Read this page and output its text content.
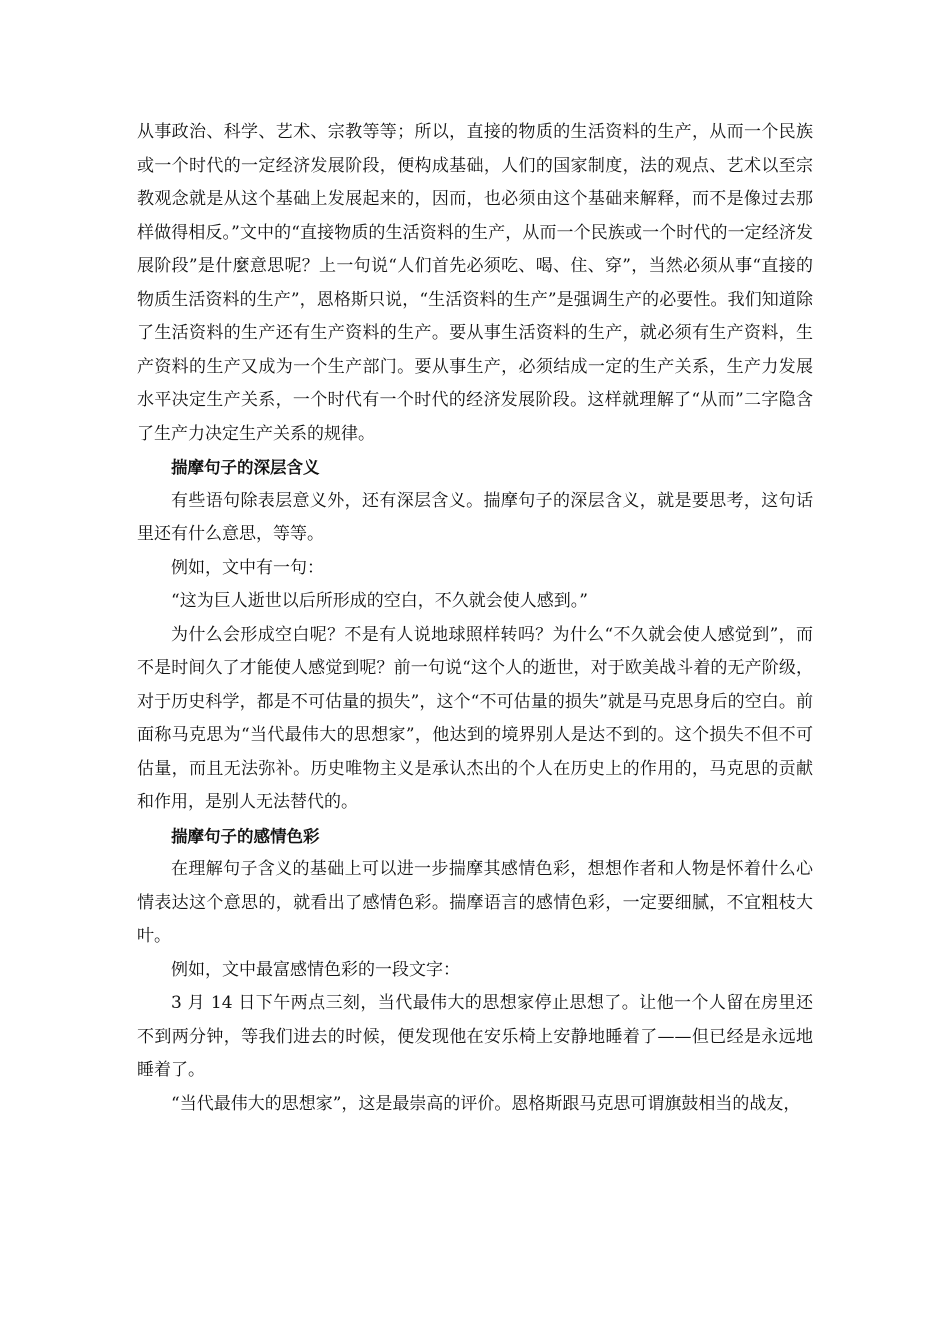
从事政治、科学、艺术、宗教等等；所以，直接的物质的生活资料的生产，从而一个民族或一个时代的一定经济发展阶段，便构成基础，人们的国家制度，法的观点、艺术以至宗教观念就是从这个基础上发展起来的，因而，也必须由这个基础来解释，而不是像过去那样做得相反。”文中的“直接物质的生活资料的生产，从而一个民族或一个时代的一定经济发展阶段”是什麼意思呢？上一句说“人们首先必须吃、喝、住、穿”，当然必须从事“直接的物质生活资料的生产”，恩格斯只说，“生活资料的生产”是强调生产的必要性。我们知道除了生活资料的生产还有生产资料的生产。要从事生活资料的生产，就必须有生产资料，生产资料的生产又成为一个生产部门。要从事生产，必须结成一定的生产关系，生产力发展水平决定生产关系，一个时代有一个时代的经济发展阶段。这样就理解了“从而”二字隐含了生产力决定生产关系的规律。

揣摩句子的深层含义

有些语句除表层意义外，还有深层含义。揣摩句子的深层含义，就是要思考，这句话里还有什么意思，等等。

例如，文中有一句：

“这为巨人逝世以后所形成的空白，不久就会使人感到。”

为什么会形成空白呢？不是有人说地球照样转吗？为什么“不久就会使人感觉到”，而不是时间久了才能使人感觉到呢？前一句说“这个人的逝世，对于欧美战斗着的无产阶级，对于历史科学，都是不可估量的损失”，这个“不可估量的损失”就是马克思身后的空白。前面称马克思为“当代最伟大的思想家”，他达到的境界别人是达不到的。这个损失不但不可估量，而且无法弥补。历史唯物主义是承认杰出的个人在历史上的作用的，马克思的贡献和作用，是别人无法替代的。

揣摩句子的感情色彩

在理解句子含义的基础上可以进一步揣摩其感情色彩，想想作者和人物是怀着什么心情表达这个意思的，就看出了感情色彩。揣摩语言的感情色彩，一定要细腻，不宜粗枝大叶。

例如，文中最富感情色彩的一段文字：

3 月 14 日下午两点三刻，当代最伟大的思想家停止思想了。让他一个人留在房里还不到两分钟，等我们进去的时候，便发现他在安乐椅上安静地睡着了——但已经是永远地睡着了。

“当代最伟大的思想家”，这是最崇高的评价。恩格斯跟马克思可谓旗鼓相当的战友，
